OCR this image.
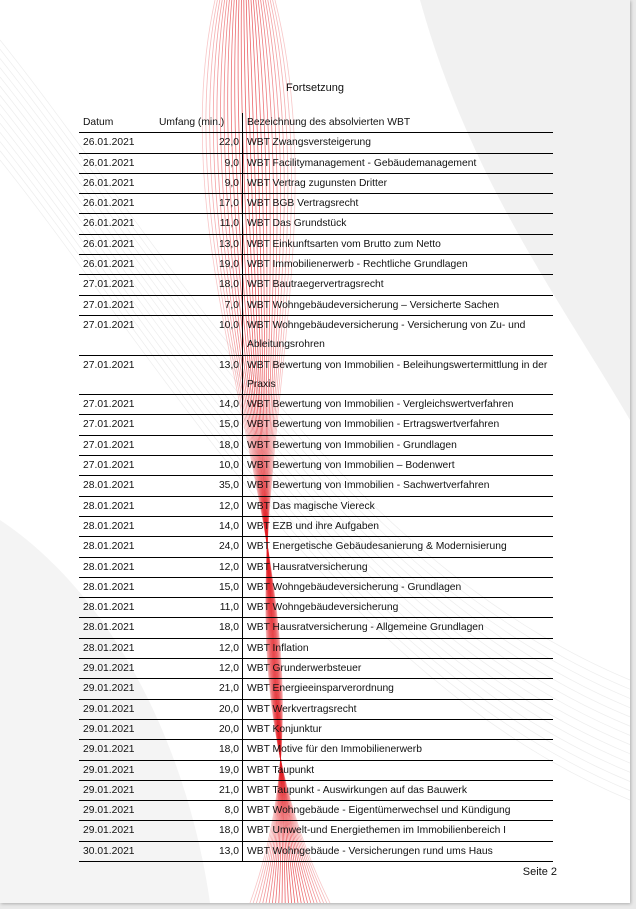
Fortsetzung
Datum	Umfang (min.)	Bezeichnung des absolvierten WBT
26.01.2021	22,0	WBT Zwangsversteigerung
26.01.2021	9,0	WBT Facilitymanagement - Gebäudemanagement
26.01.2021	9,0	WBT Vertrag zugunsten Dritter
26.01.2021	17,0	WBT BGB Vertragsrecht
26.01.2021	11,0	WBT Das Grundstück
26.01.2021	13,0	WBT Einkunftsarten vom Brutto zum Netto
26.01.2021	19,0	WBT Immobilienerwerb - Rechtliche Grundlagen
27.01.2021	18,0	WBT Bautraegervertragsrecht
27.01.2021	7,0	WBT Wohngebäudeversicherung – Versicherte Sachen
27.01.2021	10,0	WBT Wohngebäudeversicherung - Versicherung von Zu- und Ableitungsrohren
27.01.2021	13,0	WBT Bewertung von Immobilien - Beleihungswertermittlung in der Praxis
27.01.2021	14,0	WBT Bewertung von Immobilien - Vergleichswertverfahren
27.01.2021	15,0	WBT Bewertung von Immobilien - Ertragswertverfahren
27.01.2021	18,0	WBT Bewertung von Immobilien - Grundlagen
27.01.2021	10,0	WBT Bewertung von Immobilien – Bodenwert
28.01.2021	35,0	WBT Bewertung von Immobilien - Sachwertverfahren
28.01.2021	12,0	WBT Das magische Viereck
28.01.2021	14,0	WBT EZB und ihre Aufgaben
28.01.2021	24,0	WBT Energetische Gebäudesanierung & Modernisierung
28.01.2021	12,0	WBT Hausratversicherung
28.01.2021	15,0	WBT Wohngebäudeversicherung - Grundlagen
28.01.2021	11,0	WBT Wohngebäudeversicherung
28.01.2021	18,0	WBT Hausratversicherung - Allgemeine Grundlagen
28.01.2021	12,0	WBT Inflation
29.01.2021	12,0	WBT Grunderwerbsteuer
29.01.2021	21,0	WBT Energieeinsparverordnung
29.01.2021	20,0	WBT Werkvertragsrecht
29.01.2021	20,0	WBT Konjunktur
29.01.2021	18,0	WBT Motive für den Immobilienerwerb
29.01.2021	19,0	WBT Taupunkt
29.01.2021	21,0	WBT Taupunkt - Auswirkungen auf das Bauwerk
29.01.2021	8,0	WBT Wohngebäude - Eigentümerwechsel und Kündigung
29.01.2021	18,0	WBT Umwelt-und Energiethemen im Immobilienbereich I
30.01.2021	13,0	WBT Wohngebäude - Versicherungen rund ums Haus
Seite 2
